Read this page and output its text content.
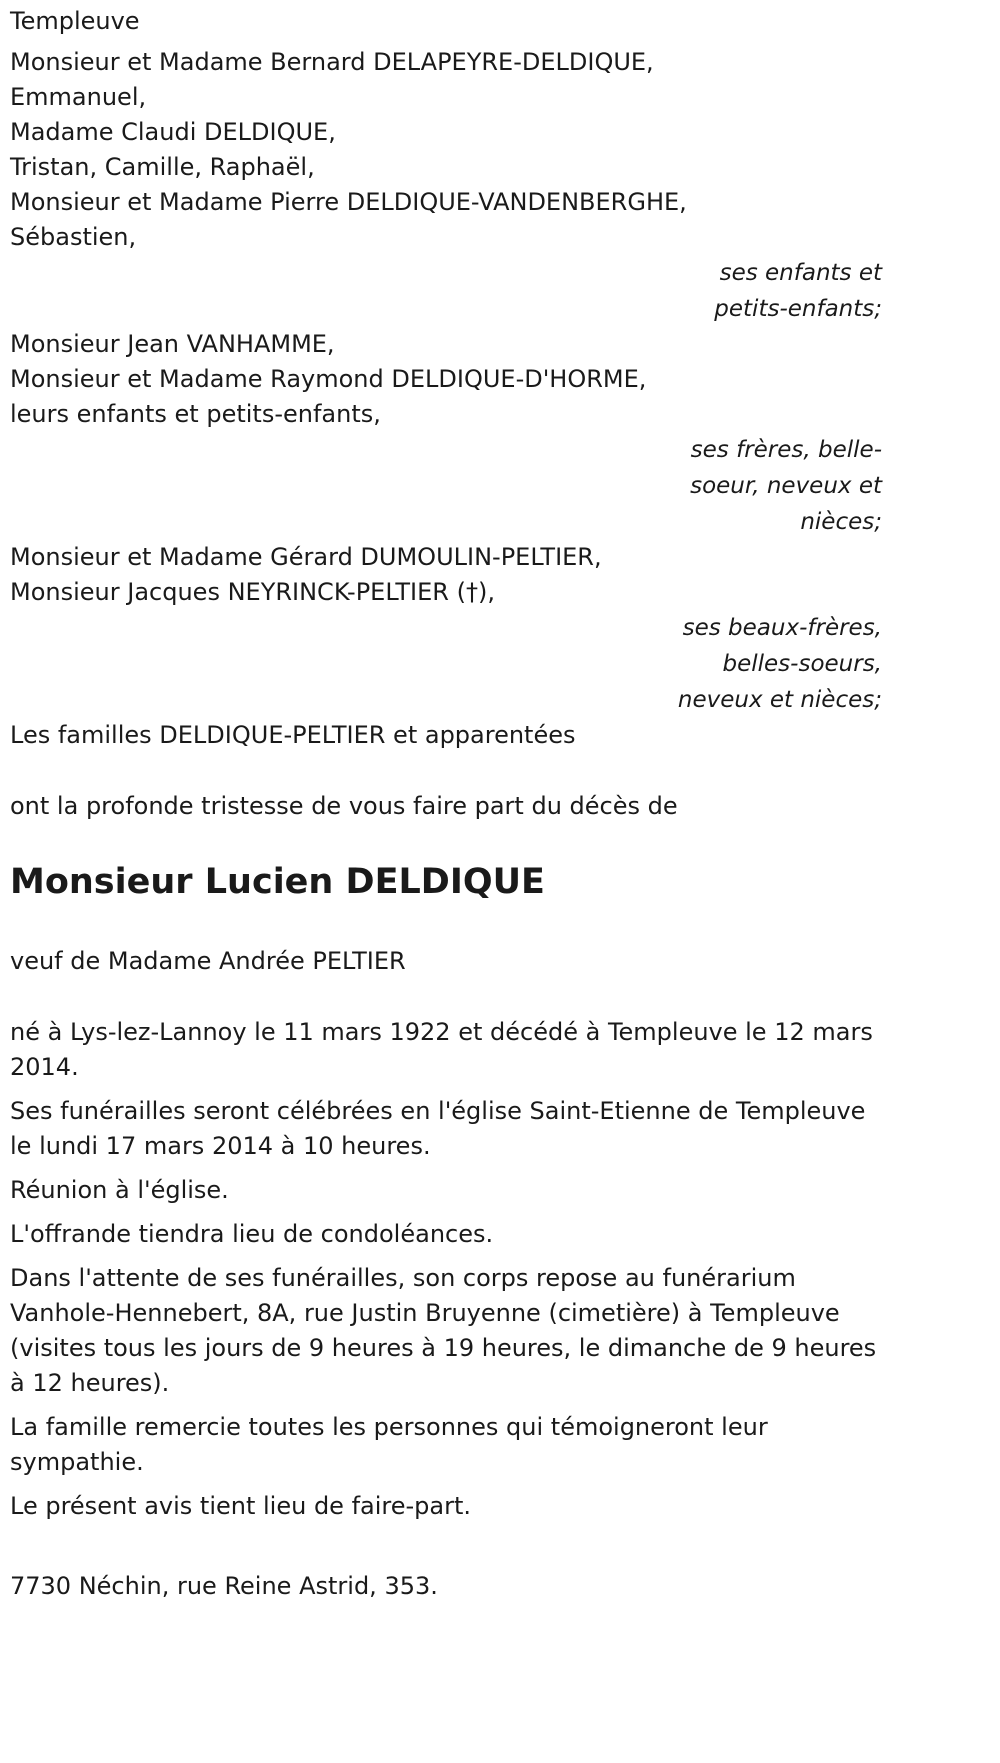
Templeuve
Monsieur et Madame Bernard DELAPEYRE-DELDIQUE,
Emmanuel,
Madame Claudi DELDIQUE,
Tristan, Camille, Raphaël,
Monsieur et Madame Pierre DELDIQUE-VANDENBERGHE,
Sébastien,
ses enfants et petits-enfants;
Monsieur Jean VANHAMME,
Monsieur et Madame Raymond DELDIQUE-D'HORME,
leurs enfants et petits-enfants,
ses frères, belle-soeur, neveux et nièces;
Monsieur et Madame Gérard DUMOULIN-PELTIER,
Monsieur Jacques NEYRINCK-PELTIER (†),
ses beaux-frères, belles-soeurs, neveux et nièces;
Les familles DELDIQUE-PELTIER et apparentées
ont la profonde tristesse de vous faire part du décès de
Monsieur Lucien DELDIQUE
veuf de Madame Andrée PELTIER
né à Lys-lez-Lannoy le 11 mars 1922 et décédé à Templeuve le 12 mars 2014.
Ses funérailles seront célébrées en l'église Saint-Etienne de Templeuve le lundi 17 mars 2014 à 10 heures.
Réunion à l'église.
L'offrande tiendra lieu de condoléances.
Dans l'attente de ses funérailles, son corps repose au funérarium Vanhole-Hennebert, 8A, rue Justin Bruyenne (cimetière) à Templeuve (visites tous les jours de 9 heures à 19 heures, le dimanche de 9 heures à 12 heures).
La famille remercie toutes les personnes qui témoigneront leur sympathie.
Le présent avis tient lieu de faire-part.
7730 Néchin, rue Reine Astrid, 353.
